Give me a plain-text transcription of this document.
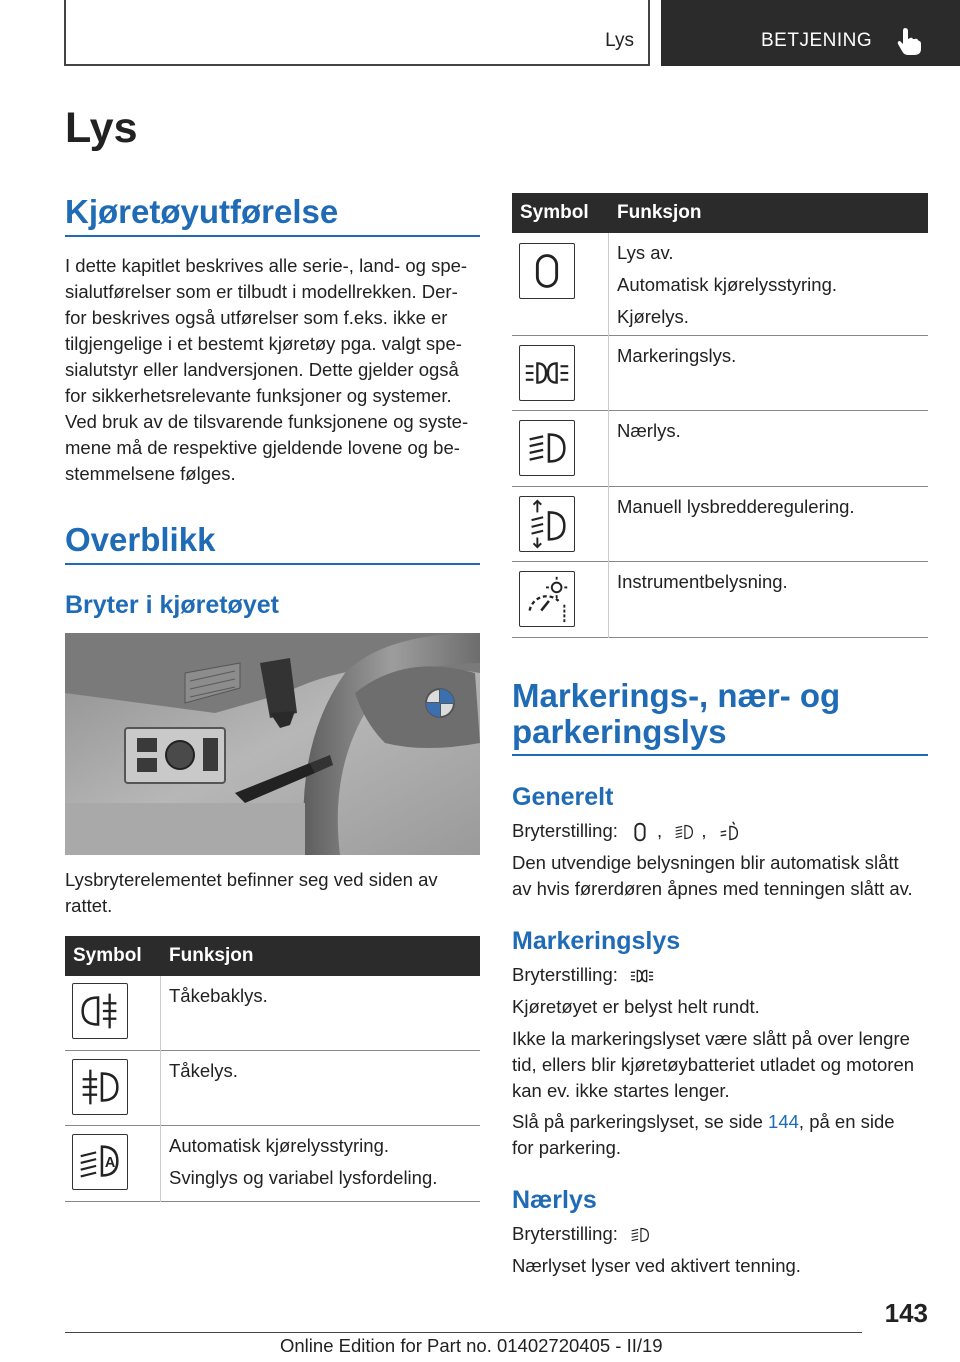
Lys	BETJENING
Lys
Kjøretøyutførelse
I dette kapitlet beskrives alle serie-, land- og spe-
sialutførelser som er tilbudt i modellrekken. Der-
for beskrives også utførelser som f.eks. ikke er
tilgjengelige i et bestemt kjøretøy pga. valgt spe-
sialutstyr eller landversjonen. Dette gjelder også
for sikkerhetsrelevante funksjoner og systemer.
Ved bruk av de tilsvarende funksjonene og syste-
mene må de respektive gjeldende lovene og be-
stemmelsene følges.
Overblikk
Bryter i kjøretøyet
Lysbryterelementet befinner seg ved siden av
rattet.
Symbol Funksjon
Tåkebaklys.
Tåkelys.
A
Automatisk kjørelysstyring.
Svinglys og variabel lysfordeling.
Symbol Funksjon
Lys av.
Automatisk kjørelysstyring.
Kjørelys.
Markeringslys.
Nærlys.
Manuell lysbredderegulering.
Instrumentbelysning.
Markerings-, nær- og
parkeringslys
Generelt
Bryterstilling: , ,
Den utvendige belysningen blir automatisk slått
av hvis førerdøren åpnes med tenningen slått av.
Markeringslys
Bryterstilling:
Kjøretøyet er belyst helt rundt.
Ikke la markeringslyset være slått på over lengre
tid, ellers blir kjøretøybatteriet utladet og motoren
kan ev. ikke startes lenger.
Slå på parkeringslyset, se side 144, på en side
for parkering.
Nærlys
Bryterstilling:
Nærlyset lyser ved aktivert tenning.
143
Online Edition for Part no. 01402720405 - II/19
